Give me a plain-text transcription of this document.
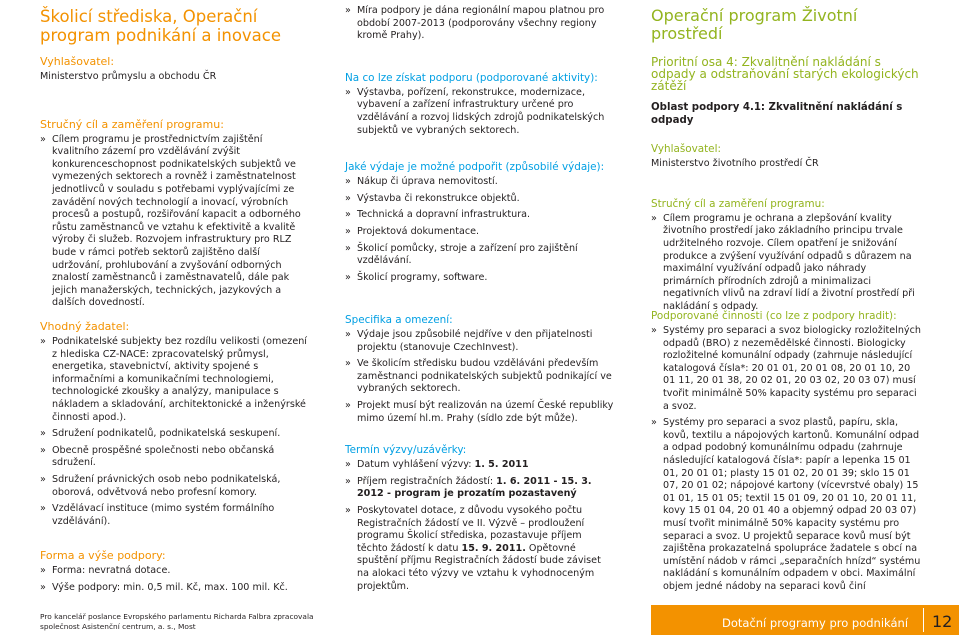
Školicí střediska, Operační program podnikání a inovace
Vyhlašovatel:

Ministerstvo průmyslu a obchodu ČR

Stručný cíl a zaměření programu:
» Cílem programu je prostřednictvím zajištění kvalitního zázemí pro vzdělávání zvýšit konkurenceschopnost podnikatelských subjektů ve vymezených sektorech a rovněž i zaměstnatelnost jednotlivců v souladu s potřebami vyplývajícími ze zavádění nových technologií a inovací, výrobních procesů a postupů, rozšiřování kapacit a odborného růstu zaměstnanců ve vztahu k efektivitě a kvalitě výroby či služeb. Rozvojem infrastruktury pro RLZ bude v rámci potřeb sektorů zajištěno další udržování, prohlubování a zvyšování odborných znalostí zaměstnanců i zaměstnavatelů, dále pak jejich manažerských, technických, jazykových a dalších dovedností.
Vhodný žadatel:
» Podnikatelské subjekty bez rozdílu velikosti (omezení z hlediska CZ-NACE: zpracovatelský průmysl, energetika, stavebnictví, aktivity spojené s informačními a komunikačními technologiemi, technologické zkoušky a analýzy, manipulace s nákladem a skladování, architektonické a inženýrské činnosti apod.).
» Sdružení podnikatelů, podnikatelská seskupení.
» Obecně prospěšné společnosti nebo občanská sdružení.
» Sdružení právnických osob nebo podnikatelská, oborová, odvětvová nebo profesní komory.
» Vzdělávací instituce (mimo systém formálního vzdělávání).
Forma a výše podpory:
» Forma: nevratná dotace.
» Výše podpory: min. 0,5 mil. Kč, max. 100 mil. Kč.
» Míra podpory je dána regionální mapou platnou pro období 2007-2013 (podporovány všechny regiony kromě Prahy).
Na co lze získat podporu (podporované aktivity):
» Výstavba, pořízení, rekonstrukce, modernizace, vybavení a zařízení infrastruktury určené pro vzdělávání a rozvoj lidských zdrojů podnikatelských subjektů ve vybraných sektorech.
Jaké výdaje je možné podpořit (způsobilé výdaje):
» Nákup či úprava nemovitostí.
» Výstavba či rekonstrukce objektů.
» Technická a dopravní infrastruktura.
» Projektová dokumentace.
» Školicí pomůcky, stroje a zařízení pro zajištění vzdělávání.
» Školicí programy, software.
Specifika a omezení:
» Výdaje jsou způsobilé nejdříve v den přijatelnosti projektu (stanovuje CzechInvest).
» Ve školicím středisku budou vzděláváni především zaměstnanci podnikatelských subjektů podnikající ve vybraných sektorech.
» Projekt musí být realizován na území České republiky mimo území hl.m. Prahy (sídlo zde být může).
Termín výzvy/uzávěrky:
» Datum vyhlášení výzvy: 1. 5. 2011
» Příjem registračních žádostí: 1. 6. 2011 - 15. 3. 2012 - program je prozatím pozastavený
» Poskytovatel dotace, z důvodu vysokého počtu Registračních žádostí ve II. Výzvě – prodloužení programu Školicí střediska, pozastavuje příjem těchto žádostí k datu 15. 9. 2011. Opětovné spuštění příjmu Registračních žádostí bude záviset na alokaci této výzvy ve vztahu k vyhodnoceným projektům.
Operační program Životní prostředí
Prioritní osa 4: Zkvalitnění nakládání s odpady a odstraňování starých ekologických zátěží
Oblast podpory 4.1: Zkvalitnění nakládání s odpady
Vyhlašovatel:

Ministerstvo životního prostředí ČR

Stručný cíl a zaměření programu:
» Cílem programu je ochrana a zlepšování kvality životního prostředí jako základního principu trvale udržitelného rozvoje. Cílem opatření je snižování produkce a zvýšení využívání odpadů s důrazem na maximální využívání odpadů jako náhrady primárních přírodních zdrojů a minimalizaci negativních vlivů na zdraví lidí a životní prostředí při nakládání s odpady.
Podporované činnosti (co lze z podpory hradit):
» Systémy pro separaci a svoz biologicky rozložitelných odpadů (BRO) z nezemědělské činnosti. Biologicky rozložitelné komunální odpady (zahrnuje následující katalogová čísla*: 20 01 01, 20 01 08, 20 01 10, 20 01 11, 20 01 38, 20 02 01, 20 03 02, 20 03 07) musí tvořit minimálně 50% kapacity systému pro separaci a svoz.
» Systémy pro separaci a svoz plastů, papíru, skla, kovů, textilu a nápojových kartonů. Komunální odpad a odpad podobný komunálnímu odpadu (zahrnuje následující katalogová čísla*: papír a lepenka 15 01 01, 20 01 01; plasty 15 01 02, 20 01 39; sklo 15 01 07, 20 01 02; nápojové kartony (vícevrstvé obaly) 15 01 01, 15 01 05; textil 15 01 09, 20 01 10, 20 01 11, kovy 15 01 04, 20 01 40 a objemný odpad 20 03 07) musí tvořit minimálně 50% kapacity systému pro separaci a svoz. U projektů separace kovů musí být zajištěna prokazatelná spolupráce žadatele s obcí na umístění nádob v rámci „separačních hnízd“ systému nakládání s komunálním odpadem v obci. Maximální objem jedné nádoby na separaci kovů činí
Pro kancelář poslance Evropského parlamentu Richarda Falbra zpracovala společnost Asistenční centrum, a. s., Most	Dotační programy pro podnikání 12
